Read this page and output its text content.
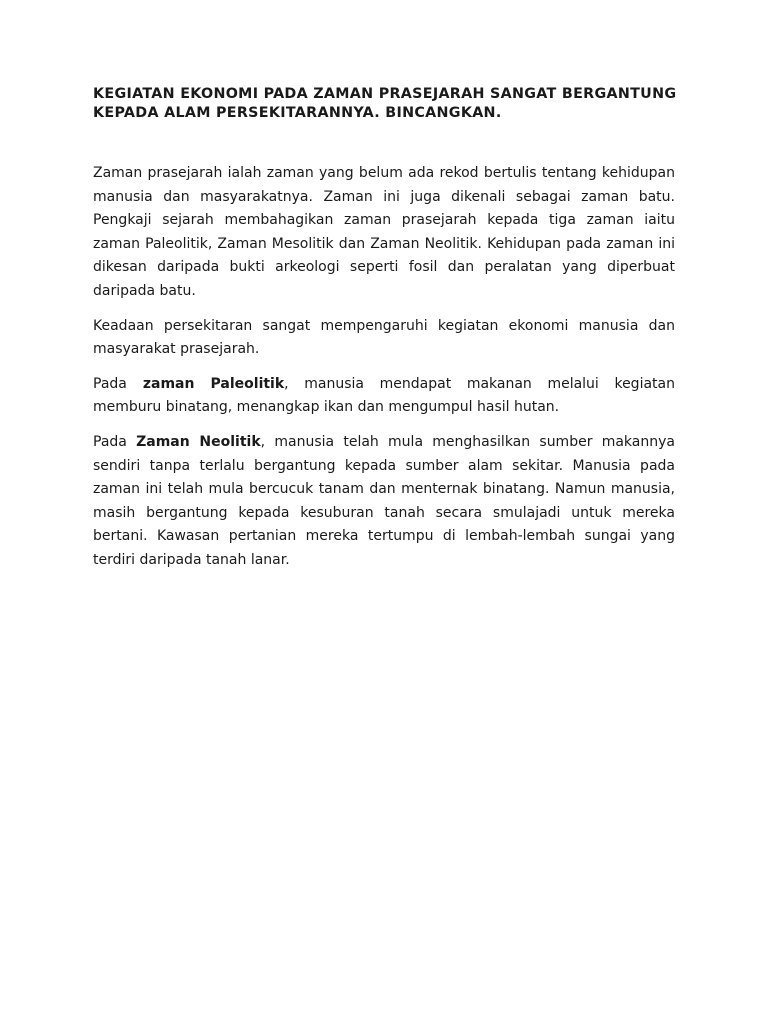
KEGIATAN EKONOMI PADA ZAMAN PRASEJARAH SANGAT BERGANTUNG
KEPADA ALAM PERSEKITARANNYA. BINCANGKAN.

Zaman prasejarah ialah zaman yang belum ada rekod bertulis tentang kehidupan manusia dan masyarakatnya. Zaman ini juga dikenali sebagai zaman batu. Pengkaji sejarah membahagikan zaman prasejarah kepada tiga zaman iaitu zaman Paleolitik, Zaman Mesolitik dan Zaman Neolitik. Kehidupan pada zaman ini dikesan daripada bukti arkeologi seperti fosil dan peralatan yang diperbuat daripada batu.

Keadaan persekitaran sangat mempengaruhi kegiatan ekonomi manusia dan masyarakat prasejarah.

Pada zaman Paleolitik, manusia mendapat makanan melalui kegiatan memburu binatang, menangkap ikan dan mengumpul hasil hutan.

Pada Zaman Neolitik, manusia telah mula menghasilkan sumber makannya sendiri tanpa terlalu bergantung kepada sumber alam sekitar. Manusia pada zaman ini telah mula bercucuk tanam dan menternak binatang. Namun manusia, masih bergantung kepada kesuburan tanah secara smulajadi untuk mereka bertani. Kawasan pertanian mereka tertumpu di lembah-lembah sungai yang terdiri daripada tanah lanar.
